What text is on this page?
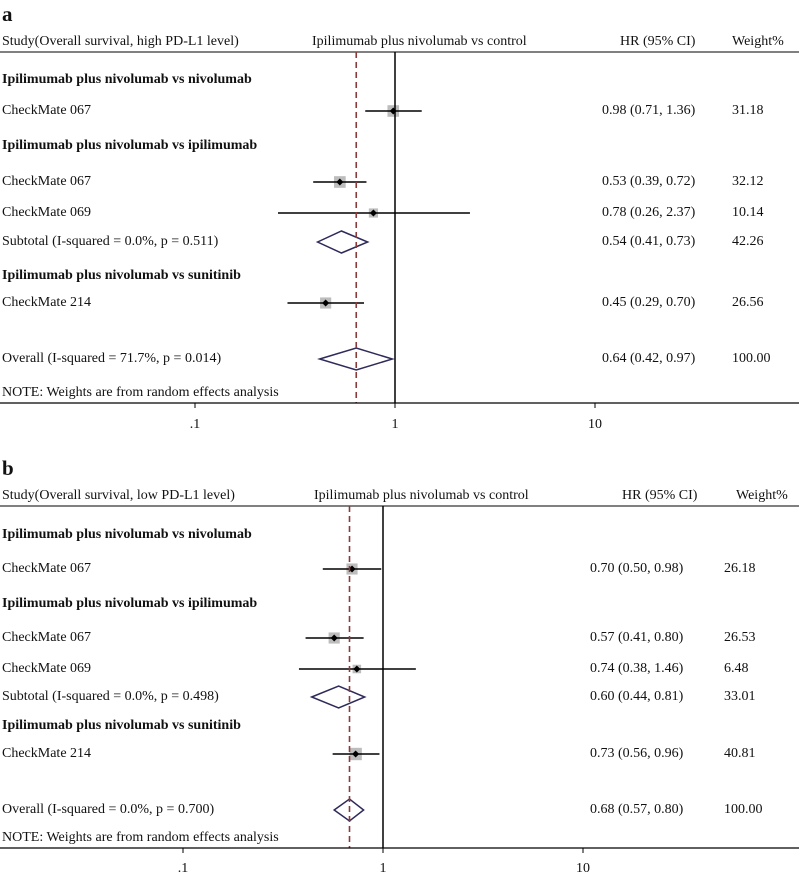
a
Study(Overall survival, high PD-L1 level)	Ipilimumab plus nivolumab vs control	HR (95% CI)	Weight%
Ipilimumab plus nivolumab vs nivolumab
CheckMate 067	0.98 (0.71, 1.36)	31.18
Ipilimumab plus nivolumab vs ipilimumab
CheckMate 067	0.53 (0.39, 0.72)	32.12
CheckMate 069	0.78 (0.26, 2.37)	10.14
Subtotal (I-squared = 0.0%, p = 0.511)	0.54 (0.41, 0.73)	42.26
Ipilimumab plus nivolumab vs sunitinib
CheckMate 214	0.45 (0.29, 0.70)	26.56
Overall (I-squared = 71.7%, p = 0.014)	0.64 (0.42, 0.97)	100.00
NOTE: Weights are from random effects analysis
.1	1	10
b
Study(Overall survival, low PD-L1 level)	Ipilimumab plus nivolumab vs control	HR (95% CI)	Weight%
Ipilimumab plus nivolumab vs nivolumab
CheckMate 067	0.70 (0.50, 0.98)	26.18
Ipilimumab plus nivolumab vs ipilimumab
CheckMate 067	0.57 (0.41, 0.80)	26.53
CheckMate 069	0.74 (0.38, 1.46)	6.48
Subtotal (I-squared = 0.0%, p = 0.498)	0.60 (0.44, 0.81)	33.01
Ipilimumab plus nivolumab vs sunitinib
CheckMate 214	0.73 (0.56, 0.96)	40.81
Overall (I-squared = 0.0%, p = 0.700)	0.68 (0.57, 0.80)	100.00
NOTE: Weights are from random effects analysis
.1	1	10
